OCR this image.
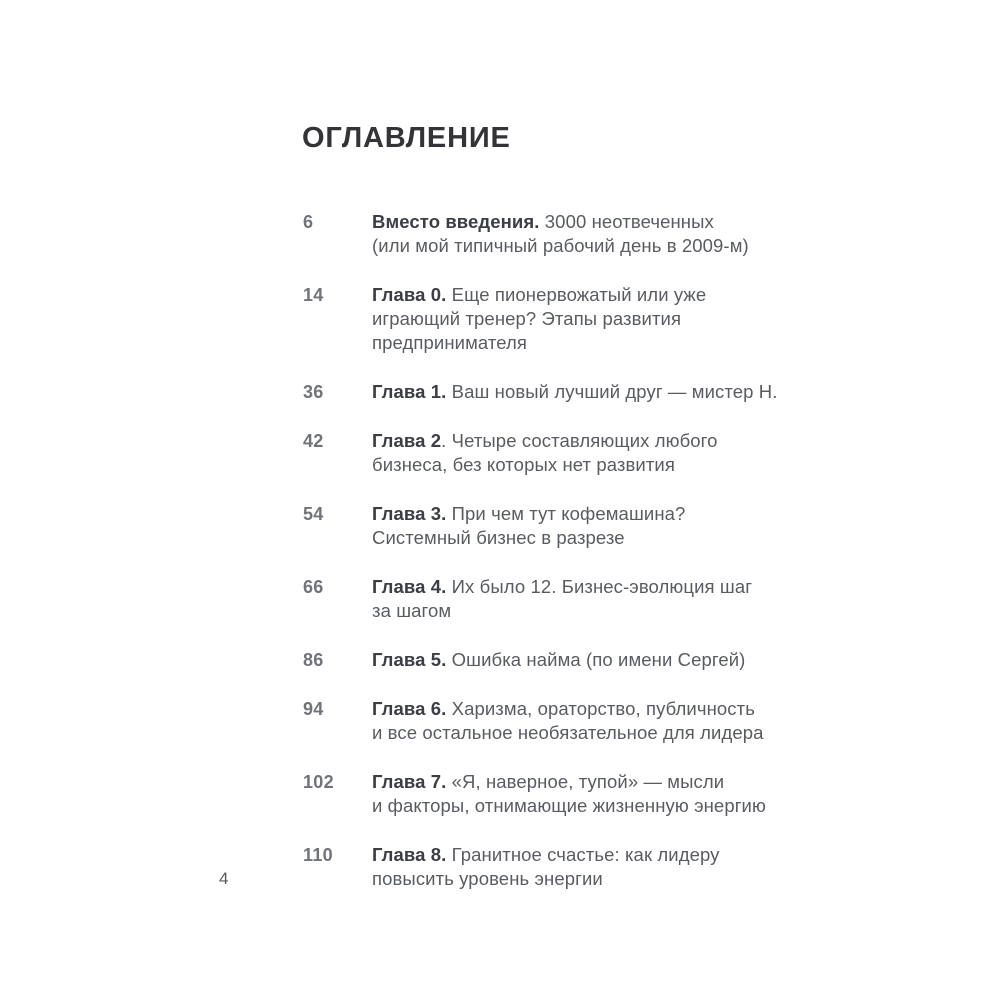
ОГЛАВЛЕНИЕ
6	Вместо введения. 3000 неотвеченных
(или мой типичный рабочий день в 2009-м)
14	Глава 0. Еще пионервожатый или уже
играющий тренер? Этапы развития
предпринимателя
36	Глава 1. Ваш новый лучший друг — мистер Н.
42	Глава 2. Четыре составляющих любого
бизнеса, без которых нет развития
54	Глава 3. При чем тут кофемашина?
Системный бизнес в разрезе
66	Глава 4. Их было 12. Бизнес-эволюция шаг
за шагом
86	Глава 5. Ошибка найма (по имени Сергей)
94	Глава 6. Харизма, ораторство, публичность
и все остальное необязательное для лидера
102	Глава 7. «Я, наверное, тупой» — мысли
и факторы, отнимающие жизненную энергию
110	Глава 8. Гранитное счастье: как лидеру
повысить уровень энергии
4
